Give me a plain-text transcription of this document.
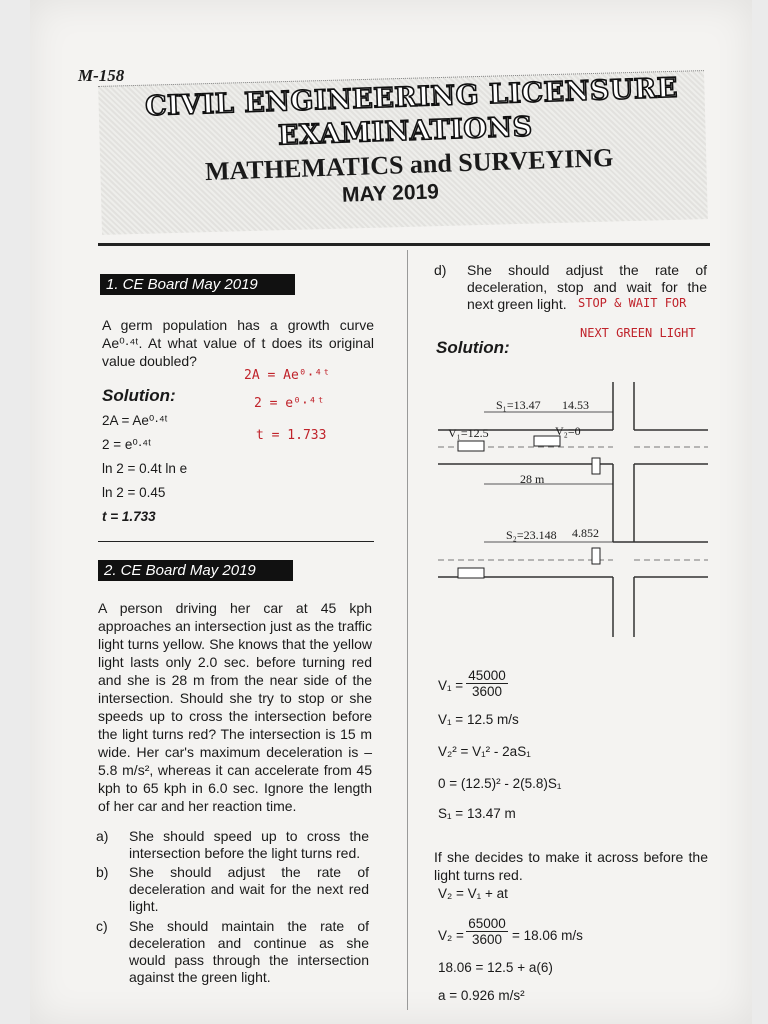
M-158 CIVIL ENGINEERING LICENSURE
EXAMINATIONS
MATHEMATICS and SURVEYING
MAY 2019
1. CE Board May 2019
A germ population has a growth curve Ae⁰·⁴ᵗ. At what value of t does its original value doubled?
Solution:
2A = Ae⁰·⁴ᵗ
2 = e⁰·⁴ᵗ
ln 2 = 0.4t ln e
ln 2 = 0.45
t = 1.733
2A = Ae⁰·⁴ᵗ
2 = e⁰·⁴ᵗ
t = 1.733
2. CE Board May 2019
A person driving her car at 45 kph approaches an intersection just as the traffic light turns yellow. She knows that the yellow light lasts only 2.0 sec. before turning red and she is 28 m from the near side of the intersection. Should she try to stop or she speeds up to cross the intersection before the light turns red? The intersection is 15 m wide. Her car's maximum deceleration is – 5.8 m/s², whereas it can accelerate from 45 kph to 65 kph in 6.0 sec. Ignore the length of her car and her reaction time.
a) She should speed up to cross the intersection before the light turns red.
b) She should adjust the rate of deceleration and wait for the next red light.
c) She should maintain the rate of deceleration and continue as she would pass through the intersection against the green light.
d) She should adjust the rate of deceleration, stop and wait for the next green light. STOP & WAIT FOR
NEXT GREEN LIGHT
Solution:
S₁=13.47 14.53
V₁=12.5	V₂=0
28 m
S₂=23.148 4.852
$V_1 = \frac{45000}{3600}$
V₁ = 12.5 m/s
V₂² = V₁² - 2aS₁
0 = (12.5)² - 2(5.8)S₁
S₁ = 13.47 m
If she decides to make it across before the light turns red.
V₂ = V₁ + at
$V_2 = \frac{65000}{3600} = 18.06$ m/s
18.06 = 12.5 + a(6)
a = 0.926 m/s²
